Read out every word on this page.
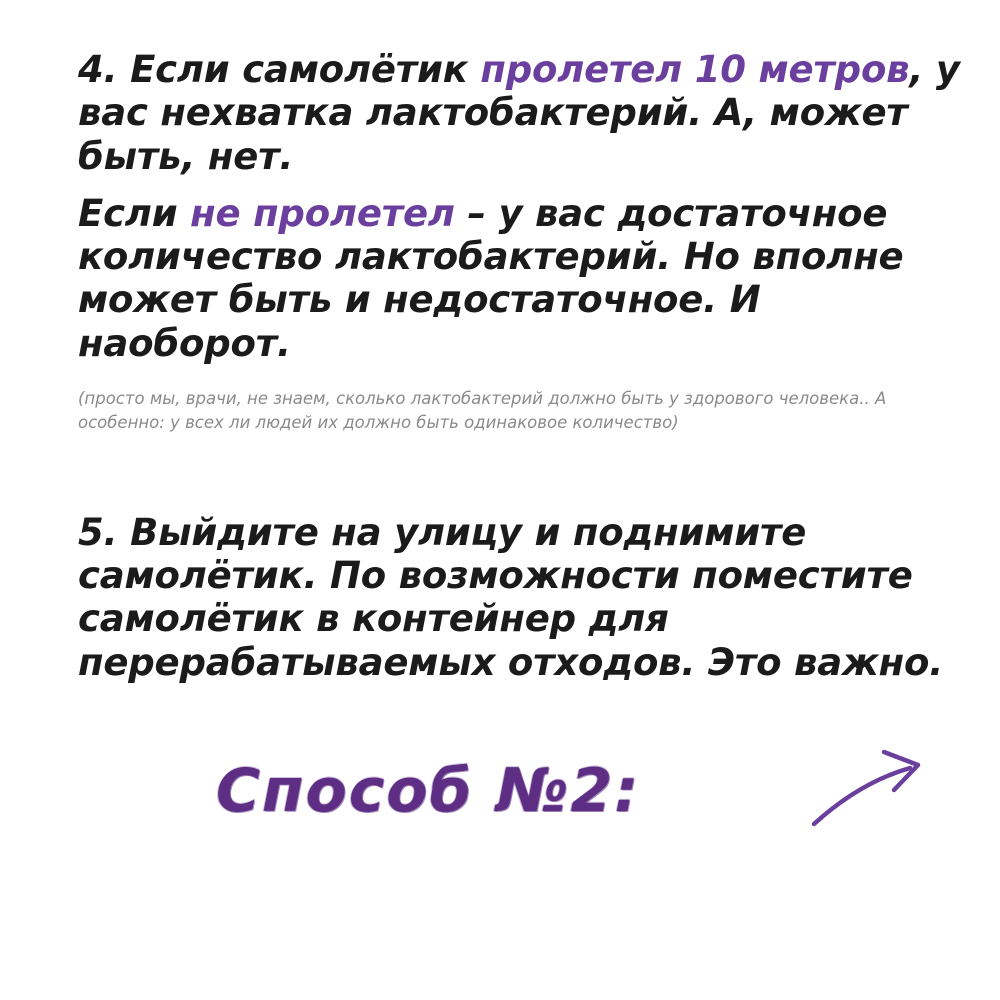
4. Если самолётик пролетел 10 метров, у вас нехватка лактобактерий. А, может быть, нет.

Если не пролетел – у вас достаточное количество лактобактерий. Но вполне может быть и недостаточное. И наоборот.

(просто мы, врачи, не знаем, сколько лактобактерий должно быть у здорового человека.. А особенно: у всех ли людей их должно быть одинаковое количество)

5. Выйдите на улицу и поднимите самолётик. По возможности поместите самолётик в контейнер для перерабатываемых отходов. Это важно.

Способ №2:
